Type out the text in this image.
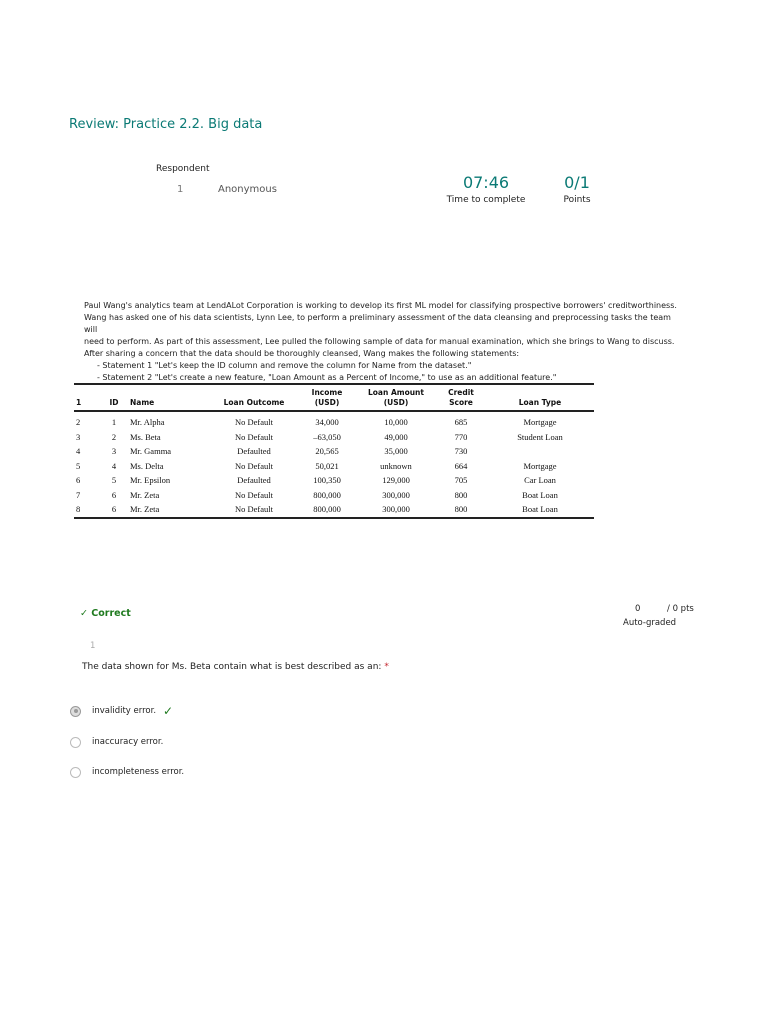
Review: Practice 2.2. Big data
Respondent
1	Anonymous	07:46
Time to complete
0/1
Points

Paul Wang's analytics team at LendALot Corporation is working to develop its first ML model for classifying prospective borrowers' creditworthiness.

Wang has asked one of his data scientists, Lynn Lee, to perform a preliminary assessment of the data cleansing and preprocessing tasks the team will

need to perform. As part of this assessment, Lee pulled the following sample of data for manual examination, which she brings to Wang to discuss.

After sharing a concern that the data should be thoroughly cleansed, Wang makes the following statements:

- Statement 1 "Let's keep the ID column and remove the column for Name from the dataset."

- Statement 2 "Let's create a new feature, "Loan Amount as a Percent of Income," to use as an additional feature."

1	ID	Name	Loan Outcome	Income (USD)	Loan Amount (USD)	Credit Score	Loan Type
2	1	Mr. Alpha	No Default	34,000	10,000	685	Mortgage
3	2	Ms. Beta	No Default	–63,050	49,000	770	Student Loan
4	3	Mr. Gamma	Defaulted	20,565	35,000	730	
5	4	Ms. Delta	No Default	50,021	unknown	664	Mortgage
6	5	Mr. Epsilon	Defaulted	100,350	129,000	705	Car Loan
7	6	Mr. Zeta	No Default	800,000	300,000	800	Boat Loan
8	6	Mr. Zeta	No Default	800,000	300,000	800	Boat Loan
✓ Correct	0	/ 0 pts
Auto-graded
1
The data shown for Ms. Beta contain what is best described as an: *
invalidity error. ✓
inaccuracy error.
incompleteness error.
